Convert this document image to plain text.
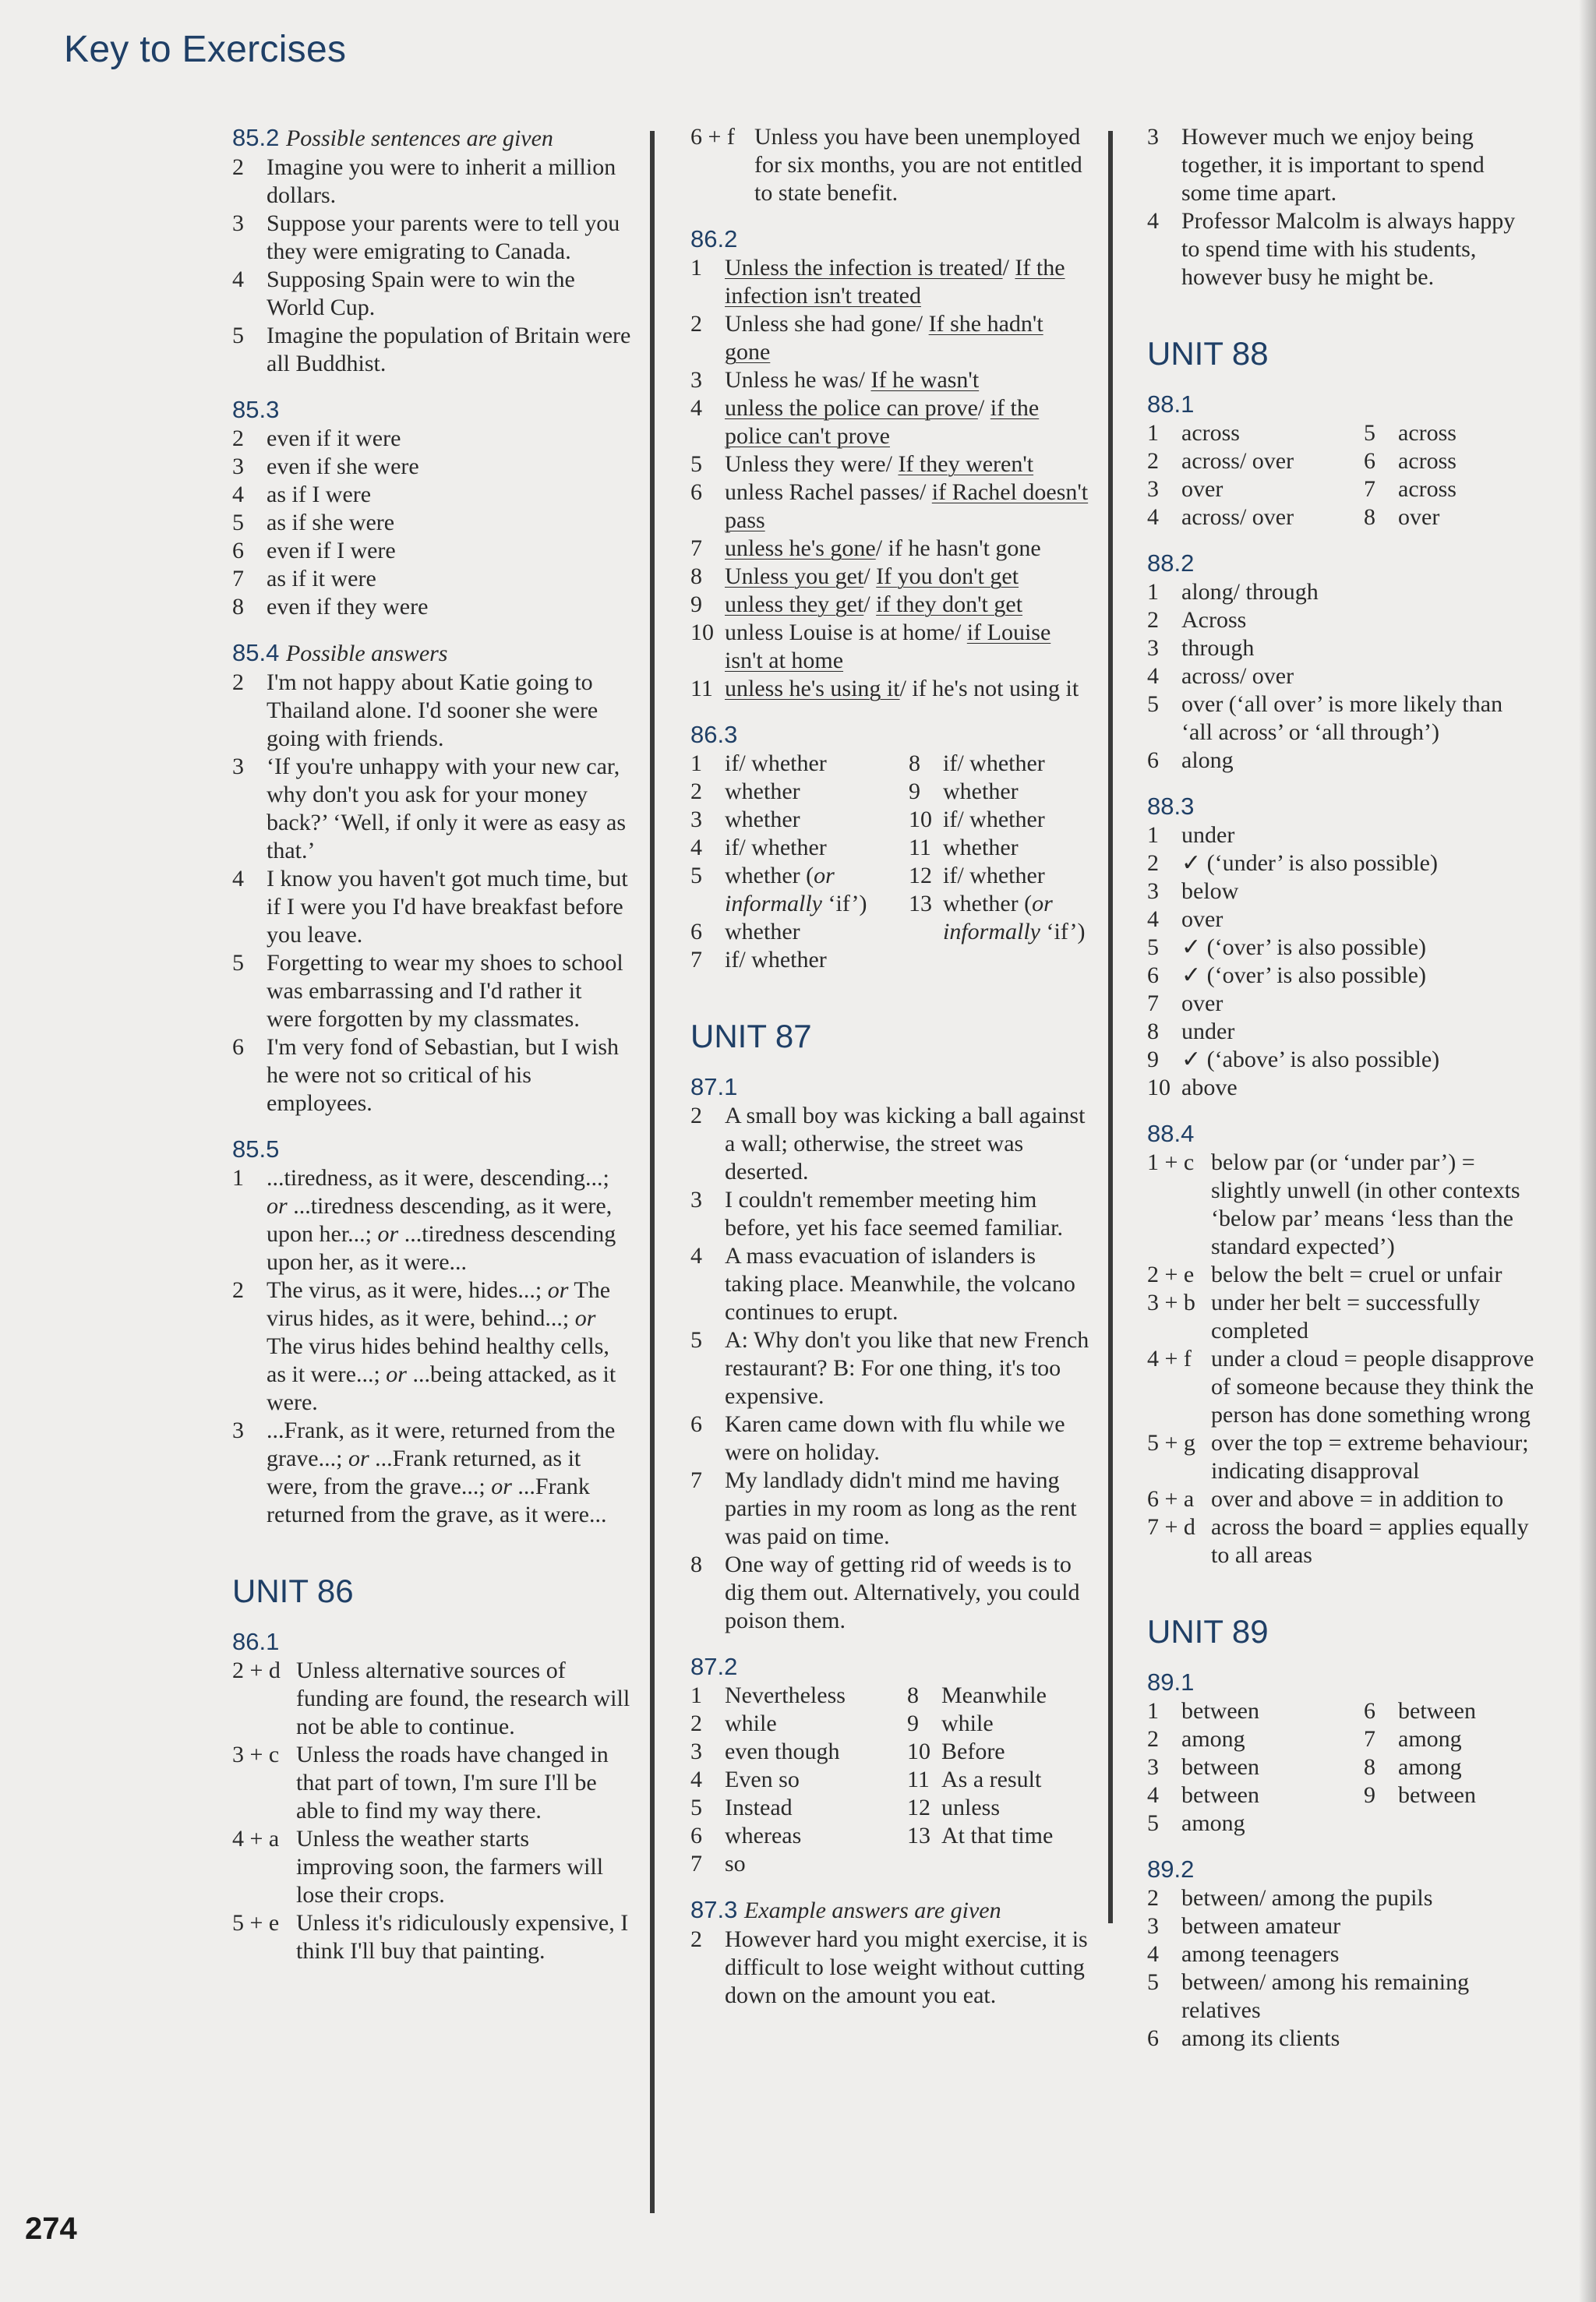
Key to Exercises
85.2 Possible sentences are given
2 Imagine you were to inherit a million dollars.
3 Suppose your parents were to tell you they were emigrating to Canada.
4 Supposing Spain were to win the World Cup.
5 Imagine the population of Britain were all Buddhist.
85.3
2 even if it were
3 even if she were
4 as if I were
5 as if she were
6 even if I were
7 as if it were
8 even if they were
85.4 Possible answers
2 I'm not happy about Katie going to Thailand alone. I'd sooner she were going with friends.
3 ‘If you're unhappy with your new car, why don't you ask for your money back?’ ‘Well, if only it were as easy as that.’
4 I know you haven't got much time, but if I were you I'd have breakfast before you leave.
5 Forgetting to wear my shoes to school was embarrassing and I'd rather it were forgotten by my classmates.
6 I'm very fond of Sebastian, but I wish he were not so critical of his employees.
85.5
1 ...tiredness, as it were, descending...; or ...tiredness descending, as it were, upon her...; or ...tiredness descending upon her, as it were...
2 The virus, as it were, hides...; or The virus hides, as it were, behind...; or The virus hides behind healthy cells, as it were...; or ...being attacked, as it were.
3 ...Frank, as it were, returned from the grave...; or ...Frank returned, as it were, from the grave...; or ...Frank returned from the grave, as it were...
UNIT 86
86.1
2 + d Unless alternative sources of funding are found, the research will not be able to continue.
3 + c Unless the roads have changed in that part of town, I'm sure I'll be able to find my way there.
4 + a Unless the weather starts improving soon, the farmers will lose their crops.
5 + e Unless it's ridiculously expensive, I think I'll buy that painting.
6 + f Unless you have been unemployed for six months, you are not entitled to state benefit.
86.2
1 Unless the infection is treated/ If the infection isn't treated
2 Unless she had gone/ If she hadn't gone
3 Unless he was/ If he wasn't
4 unless the police can prove/ if the police can't prove
5 Unless they were/ If they weren't
6 unless Rachel passes/ if Rachel doesn't pass
7 unless he's gone/ if he hasn't gone
8 Unless you get/ If you don't get
9 unless they get/ if they don't get
10 unless Louise is at home/ if Louise isn't at home
11 unless he's using it/ if he's not using it
86.3
1 if/ whether
2 whether
3 whether
4 if/ whether
5 whether (or informally ‘if’)
6 whether
7 if/ whether
8 if/ whether
9 whether
10 if/ whether
11 whether
12 if/ whether
13 whether (or informally ‘if’)
UNIT 87
87.1
2 A small boy was kicking a ball against a wall; otherwise, the street was deserted.
3 I couldn't remember meeting him before, yet his face seemed familiar.
4 A mass evacuation of islanders is taking place. Meanwhile, the volcano continues to erupt.
5 A: Why don't you like that new French restaurant? B: For one thing, it's too expensive.
6 Karen came down with flu while we were on holiday.
7 My landlady didn't mind me having parties in my room as long as the rent was paid on time.
8 One way of getting rid of weeds is to dig them out. Alternatively, you could poison them.
87.2
1 Nevertheless
2 while
3 even though
4 Even so
5 Instead
6 whereas
7 so
8 Meanwhile
9 while
10 Before
11 As a result
12 unless
13 At that time
87.3 Example answers are given
2 However hard you might exercise, it is difficult to lose weight without cutting down on the amount you eat.
3 However much we enjoy being together, it is important to spend some time apart.
4 Professor Malcolm is always happy to spend time with his students, however busy he might be.
UNIT 88
88.1
1 across
2 across/ over
3 over
4 across/ over
5 across
6 across
7 across
8 over
88.2
1 along/ through
2 Across
3 through
4 across/ over
5 over (‘all over’ is more likely than ‘all across’ or ‘all through’)
6 along
88.3
1 under
2 ✓ (‘under’ is also possible)
3 below
4 over
5 ✓ (‘over’ is also possible)
6 ✓ (‘over’ is also possible)
7 over
8 under
9 ✓ (‘above’ is also possible)
10 above
88.4
1 + c below par (or ‘under par’) = slightly unwell (in other contexts ‘below par’ means ‘less than the standard expected’)
2 + e below the belt = cruel or unfair
3 + b under her belt = successfully completed
4 + f under a cloud = people disapprove of someone because they think the person has done something wrong
5 + g over the top = extreme behaviour; indicating disapproval
6 + a over and above = in addition to
7 + d across the board = applies equally to all areas
UNIT 89
89.1
1 between
2 among
3 between
4 between
5 among
6 between
7 among
8 among
9 between
89.2
2 between/ among the pupils
3 between amateur
4 among teenagers
5 between/ among his remaining relatives
6 among its clients
274
